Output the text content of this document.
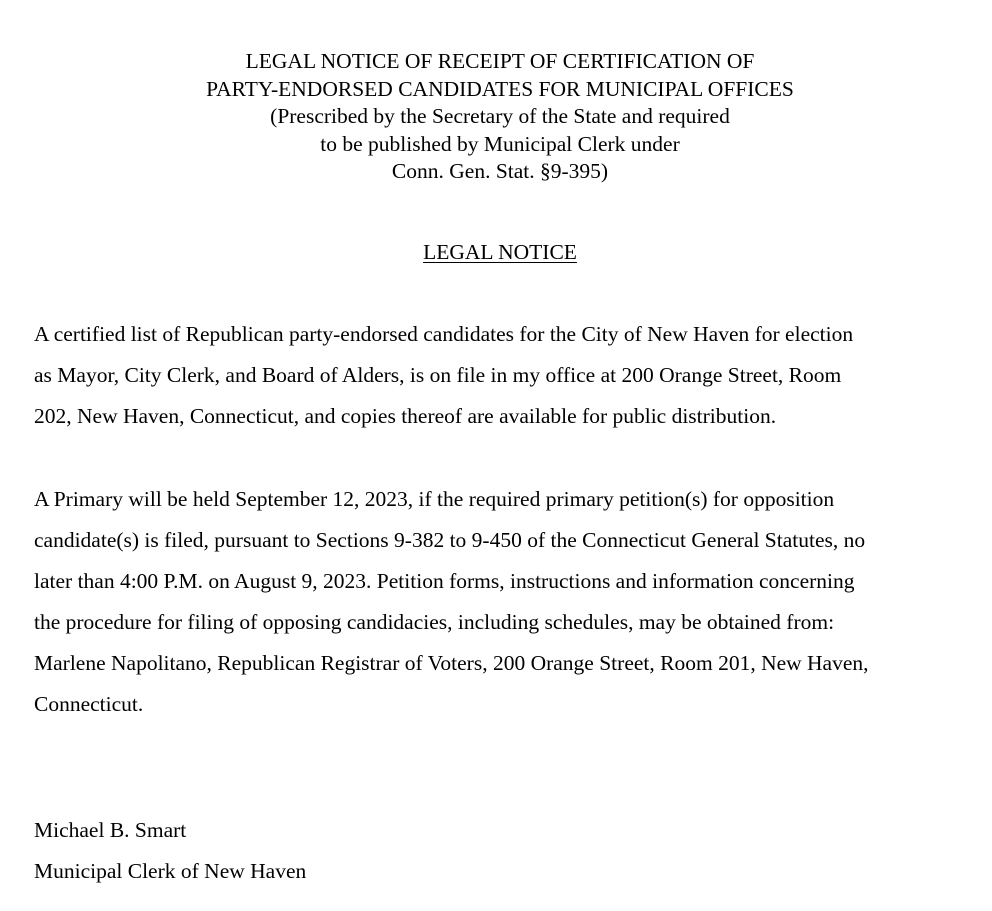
LEGAL NOTICE OF RECEIPT OF CERTIFICATION OF
PARTY-ENDORSED CANDIDATES FOR MUNICIPAL OFFICES
(Prescribed by the Secretary of the State and required
to be published by Municipal Clerk under
Conn. Gen. Stat. §9-395)
LEGAL NOTICE
A certified list of Republican party-endorsed candidates for the City of New Haven for election
as Mayor, City Clerk, and Board of Alders, is on file in my office at 200 Orange Street, Room
202, New Haven, Connecticut, and copies thereof are available for public distribution.
A Primary will be held September 12, 2023, if the required primary petition(s) for opposition
candidate(s) is filed, pursuant to Sections 9-382 to 9-450 of the Connecticut General Statutes, no
later than 4:00 P.M. on August 9, 2023. Petition forms, instructions and information concerning
the procedure for filing of opposing candidacies, including schedules, may be obtained from:
Marlene Napolitano, Republican Registrar of Voters, 200 Orange Street, Room 201, New Haven,
Connecticut.
Michael B. Smart
Municipal Clerk of New Haven
